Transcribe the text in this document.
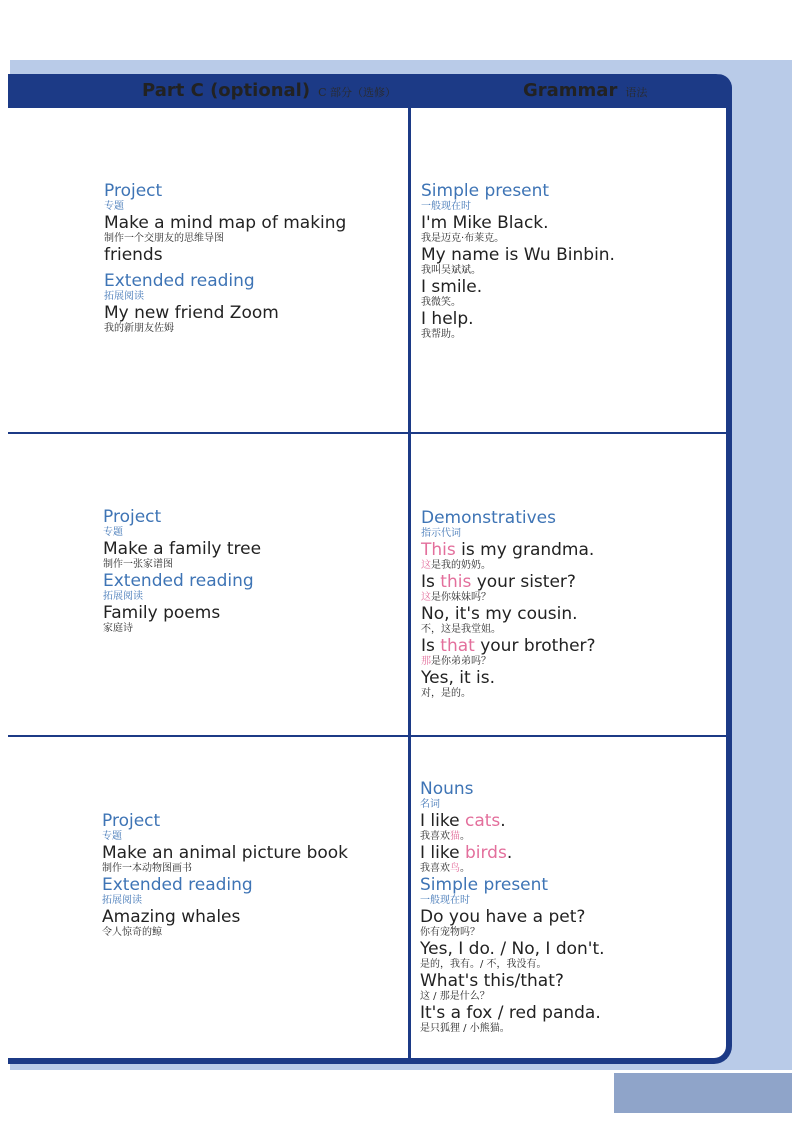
Part C (optional) C 部分（选修）	Grammar 语法
Project
专题
Make a mind map of making
制作一个交朋友的思维导图
friends
Extended reading
拓展阅读
My new friend Zoom
我的新朋友佐姆
Simple present
一般现在时
I'm Mike Black.
我是迈克·布莱克。
My name is Wu Binbin.
我叫吴斌斌。
I smile.
我微笑。
I help.
我帮助。
Project
专题
Make a family tree
制作一张家谱图
Extended reading
拓展阅读
Family poems
家庭诗
Demonstratives
指示代词
This is my grandma.
这是我的奶奶。
Is this your sister?
这是你妹妹吗？
No, it's my cousin.
不，这是我堂姐。
Is that your brother?
那是你弟弟吗？
Yes, it is.
对，是的。
Project
专题
Make an animal picture book
制作一本动物图画书
Extended reading
拓展阅读
Amazing whales
令人惊奇的鲸
Nouns
名词
I like cats.
我喜欢猫。
I like birds.
我喜欢鸟。
Simple present
一般现在时
Do you have a pet?
你有宠物吗？
Yes, I do. / No, I don't.
是的，我有。/ 不，我没有。
What's this/that?
这 / 那是什么？
It's a fox / red panda.
是只狐狸 / 小熊猫。
